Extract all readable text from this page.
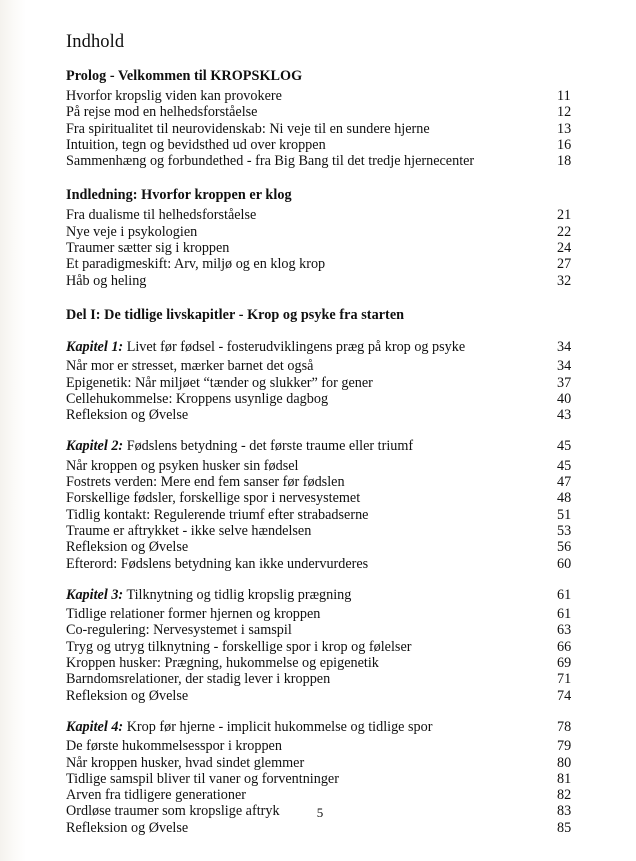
Indhold
Prolog - Velkommen til KROPSKLOG
Hvorfor kropslig viden kan provokere	11
På rejse mod en helhedsforståelse	12
Fra spiritualitet til neurovidenskab: Ni veje til en sundere hjerne	13
Intuition, tegn og bevidsthed ud over kroppen	16
Sammenhæng og forbundethed - fra Big Bang til det tredje hjernecenter	18
Indledning: Hvorfor kroppen er klog
Fra dualisme til helhedsforståelse	21
Nye veje i psykologien	22
Traumer sætter sig i kroppen	24
Et paradigmeskift: Arv, miljø og en klog krop	27
Håb og heling	32
Del I: De tidlige livskapitler - Krop og psyke fra starten
Kapitel 1: Livet før fødsel - fosterudviklingens præg på krop og psyke	34
Når mor er stresset, mærker barnet det også	34
Epigenetik: Når miljøet “tænder og slukker” for gener	37
Cellehukommelse: Kroppens usynlige dagbog	40
Refleksion og Øvelse	43
Kapitel 2: Fødslens betydning - det første traume eller triumf	45
Når kroppen og psyken husker sin fødsel	45
Fostrets verden: Mere end fem sanser før fødslen	47
Forskellige fødsler, forskellige spor i nervesystemet	48
Tidlig kontakt: Regulerende triumf efter strabadserne	51
Traume er aftrykket - ikke selve hændelsen	53
Refleksion og Øvelse	56
Efterord: Fødslens betydning kan ikke undervurderes	60
Kapitel 3: Tilknytning og tidlig kropslig prægning	61
Tidlige relationer former hjernen og kroppen	61
Co-regulering: Nervesystemet i samspil	63
Tryg og utryg tilknytning - forskellige spor i krop og følelser	66
Kroppen husker: Prægning, hukommelse og epigenetik	69
Barndomsrelationer, der stadig lever i kroppen	71
Refleksion og Øvelse	74
Kapitel 4: Krop før hjerne - implicit hukommelse og tidlige spor	78
De første hukommelsesspor i kroppen	79
Når kroppen husker, hvad sindet glemmer	80
Tidlige samspil bliver til vaner og forventninger	81
Arven fra tidligere generationer	82
Ordløse traumer som kropslige aftryk	83
Refleksion og Øvelse	85
5
